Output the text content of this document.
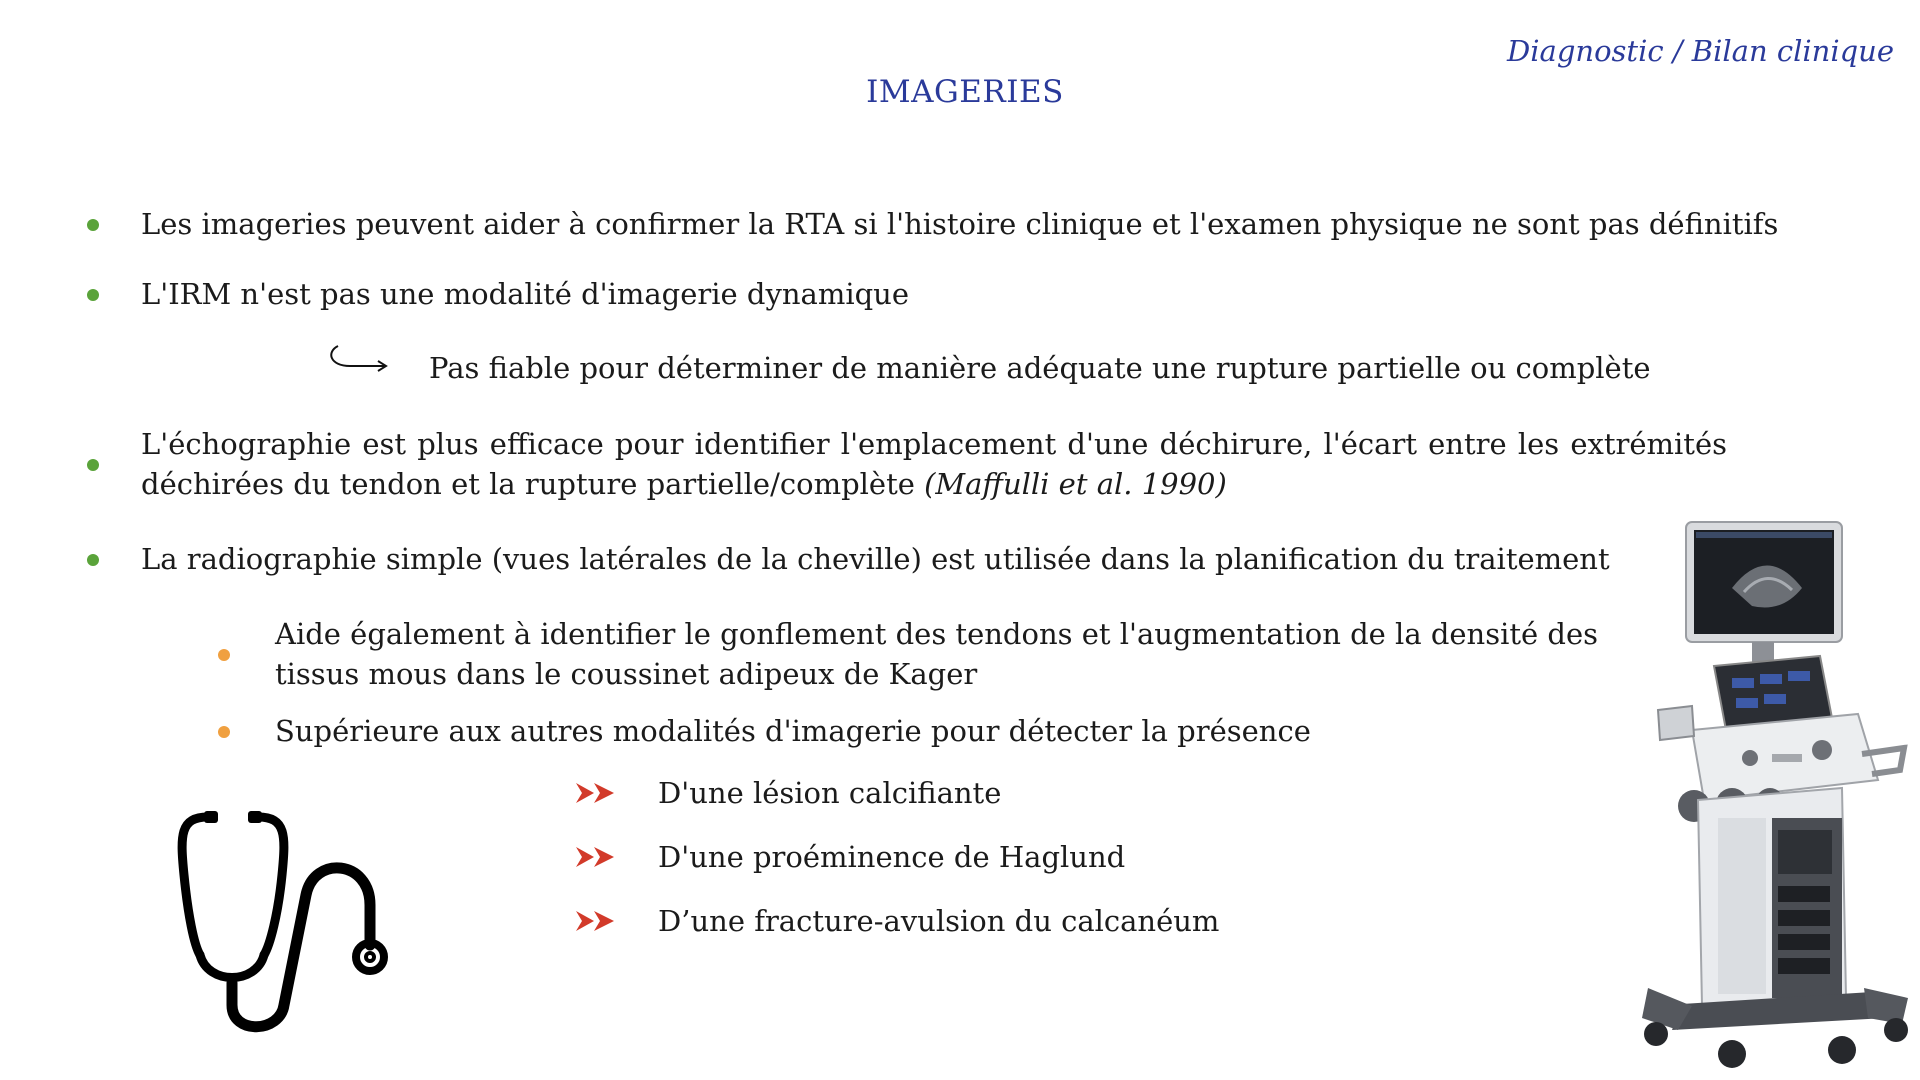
Diagnostic / Bilan clinique
IMAGERIES
Les imageries peuvent aider à confirmer la RTA si l'histoire clinique et l'examen physique ne sont pas définitifs
L'IRM n'est pas une modalité d'imagerie dynamique
Pas fiable pour déterminer de manière adéquate une rupture partielle ou complète
L'échographie est plus efficace pour identifier l'emplacement d'une déchirure, l'écart entre les extrémités
déchirées du tendon et la rupture partielle/complète (Maffulli et al. 1990)
La radiographie simple (vues latérales de la cheville) est utilisée dans la planification du traitement
Aide également à identifier le gonflement des tendons et l'augmentation de la densité des
tissus mous dans le coussinet adipeux de Kager
Supérieure aux autres modalités d'imagerie pour détecter la présence
D'une lésion calcifiante
D'une proéminence de Haglund
D’une fracture-avulsion du calcanéum
